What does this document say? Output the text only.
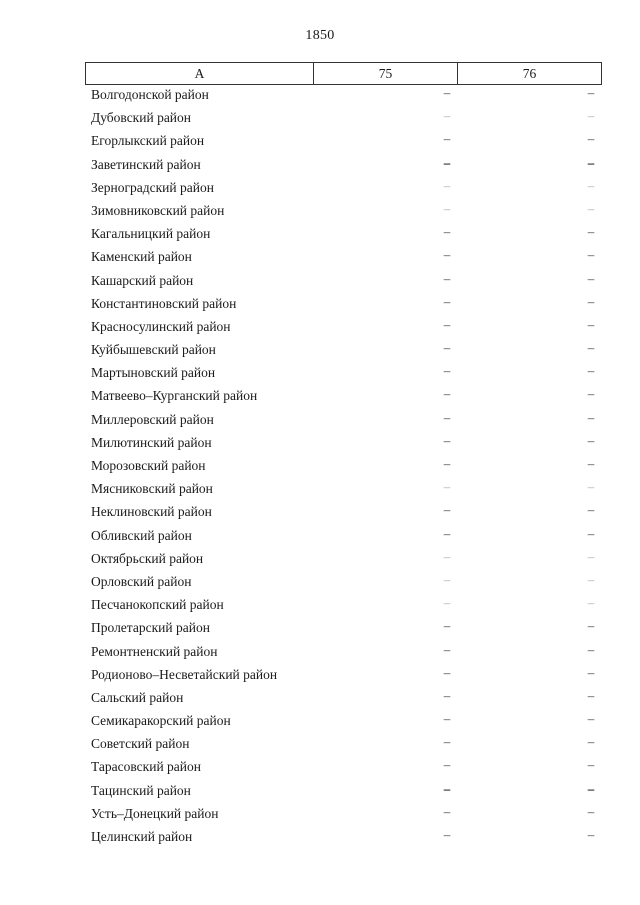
1850
А	75	76
Волгодонской район	–	–
Дубовский район	–	–
Егорлыкский район	–	–
Заветинский район	–	–
Зерноградский район	–	–
Зимовниковский район	–	–
Кагальницкий район	–	–
Каменский район	–	–
Кашарский район	–	–
Константиновский район	–	–
Красносулинский район	–	–
Куйбышевский район	–	–
Мартыновский район	–	–
Матвеево–Курганский район	–	–
Миллеровский район	–	–
Милютинский район	–	–
Морозовский район	–	–
Мясниковский район	–	–
Неклиновский район	–	–
Обливский район	–	–
Октябрьский район	–	–
Орловский район	–	–
Песчанокопский район	–	–
Пролетарский район	–	–
Ремонтненский район	–	–
Родионово–Несветайский район	–	–
Сальский район	–	–
Семикаракорский район	–	–
Советский район	–	–
Тарасовский район	–	–
Тацинский район	–	–
Усть–Донецкий район	–	–
Целинский район	–	–
